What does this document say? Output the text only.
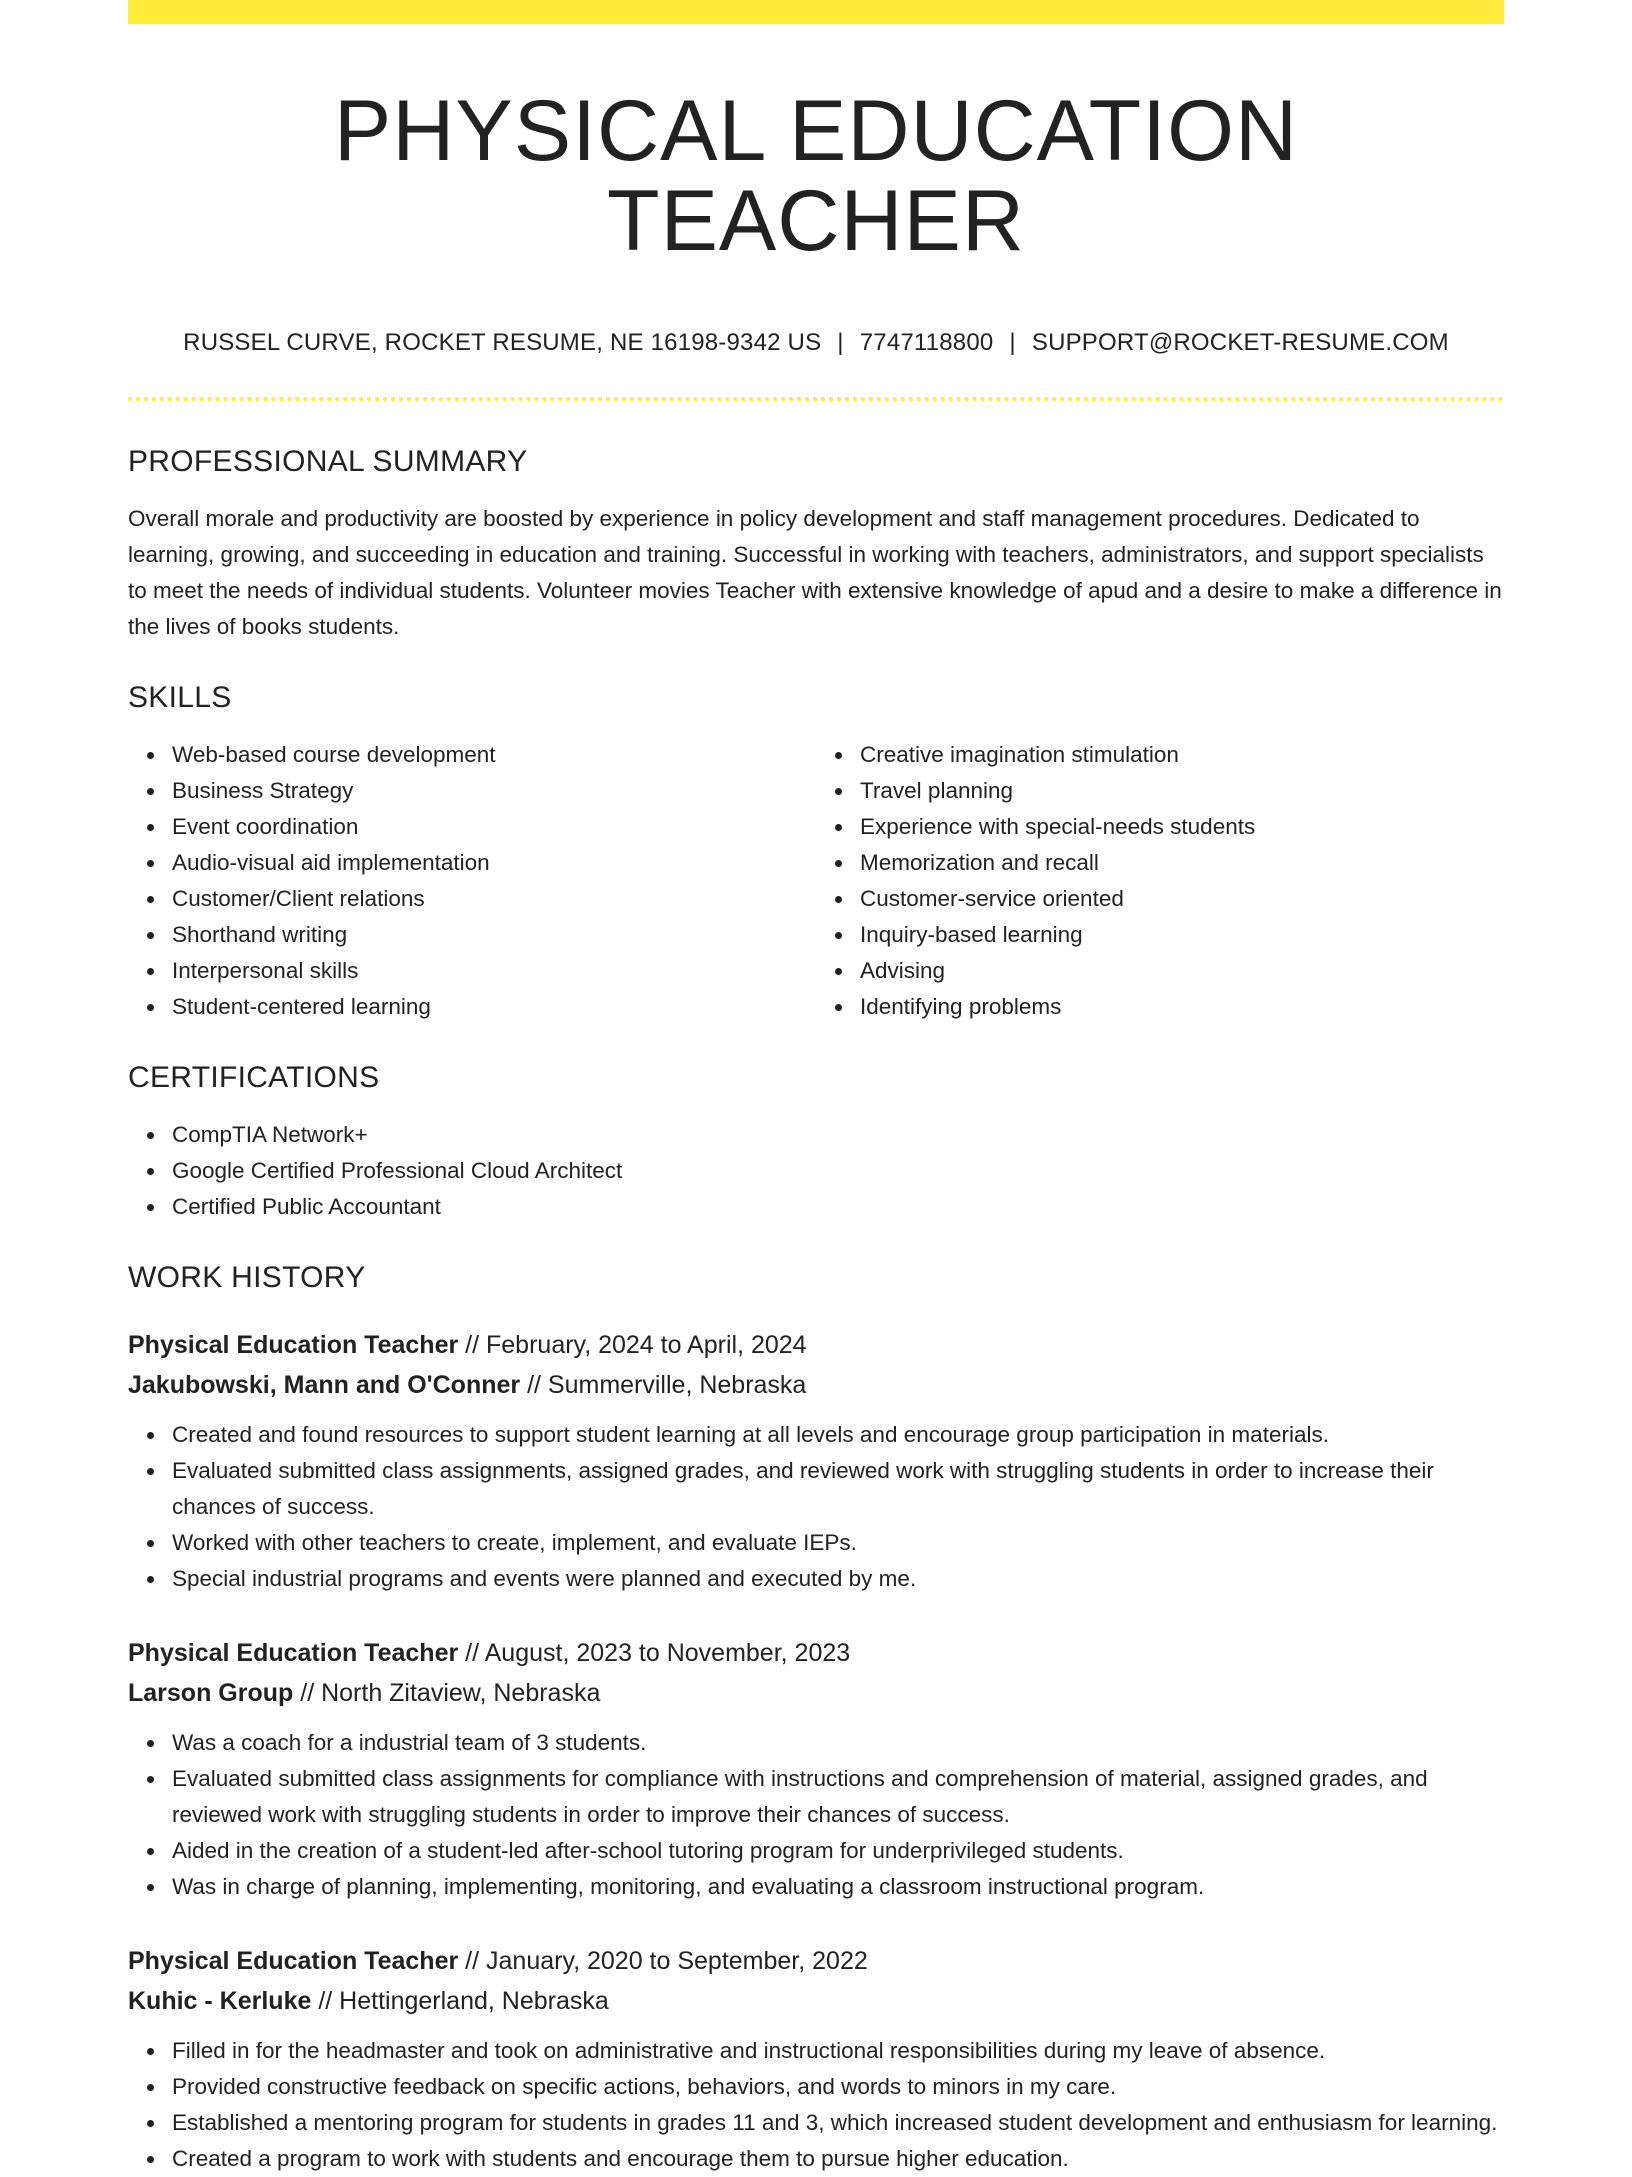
PHYSICAL EDUCATION TEACHER
RUSSEL CURVE, ROCKET RESUME, NE 16198-9342 US | 7747118800 | SUPPORT@ROCKET-RESUME.COM
PROFESSIONAL SUMMARY

Overall morale and productivity are boosted by experience in policy development and staff management procedures. Dedicated to learning, growing, and succeeding in education and training. Successful in working with teachers, administrators, and support specialists to meet the needs of individual students. Volunteer movies Teacher with extensive knowledge of apud and a desire to make a difference in the lives of books students.

SKILLS
Web-based course development
Business Strategy
Event coordination
Audio-visual aid implementation
Customer/Client relations
Shorthand writing
Interpersonal skills
Student-centered learning
Creative imagination stimulation
Travel planning
Experience with special-needs students
Memorization and recall
Customer-service oriented
Inquiry-based learning
Advising
Identifying problems
CERTIFICATIONS
CompTIA Network+
Google Certified Professional Cloud Architect
Certified Public Accountant
WORK HISTORY
Physical Education Teacher // February, 2024 to April, 2024
Jakubowski, Mann and O'Conner // Summerville, Nebraska
Created and found resources to support student learning at all levels and encourage group participation in materials.
Evaluated submitted class assignments, assigned grades, and reviewed work with struggling students in order to increase their chances of success.
Worked with other teachers to create, implement, and evaluate IEPs.
Special industrial programs and events were planned and executed by me.
Physical Education Teacher // August, 2023 to November, 2023
Larson Group // North Zitaview, Nebraska
Was a coach for a industrial team of 3 students.
Evaluated submitted class assignments for compliance with instructions and comprehension of material, assigned grades, and reviewed work with struggling students in order to improve their chances of success.
Aided in the creation of a student-led after-school tutoring program for underprivileged students.
Was in charge of planning, implementing, monitoring, and evaluating a classroom instructional program.
Physical Education Teacher // January, 2020 to September, 2022
Kuhic - Kerluke // Hettingerland, Nebraska
Filled in for the headmaster and took on administrative and instructional responsibilities during my leave of absence.
Provided constructive feedback on specific actions, behaviors, and words to minors in my care.
Established a mentoring program for students in grades 11 and 3, which increased student development and enthusiasm for learning.
Created a program to work with students and encourage them to pursue higher education.
